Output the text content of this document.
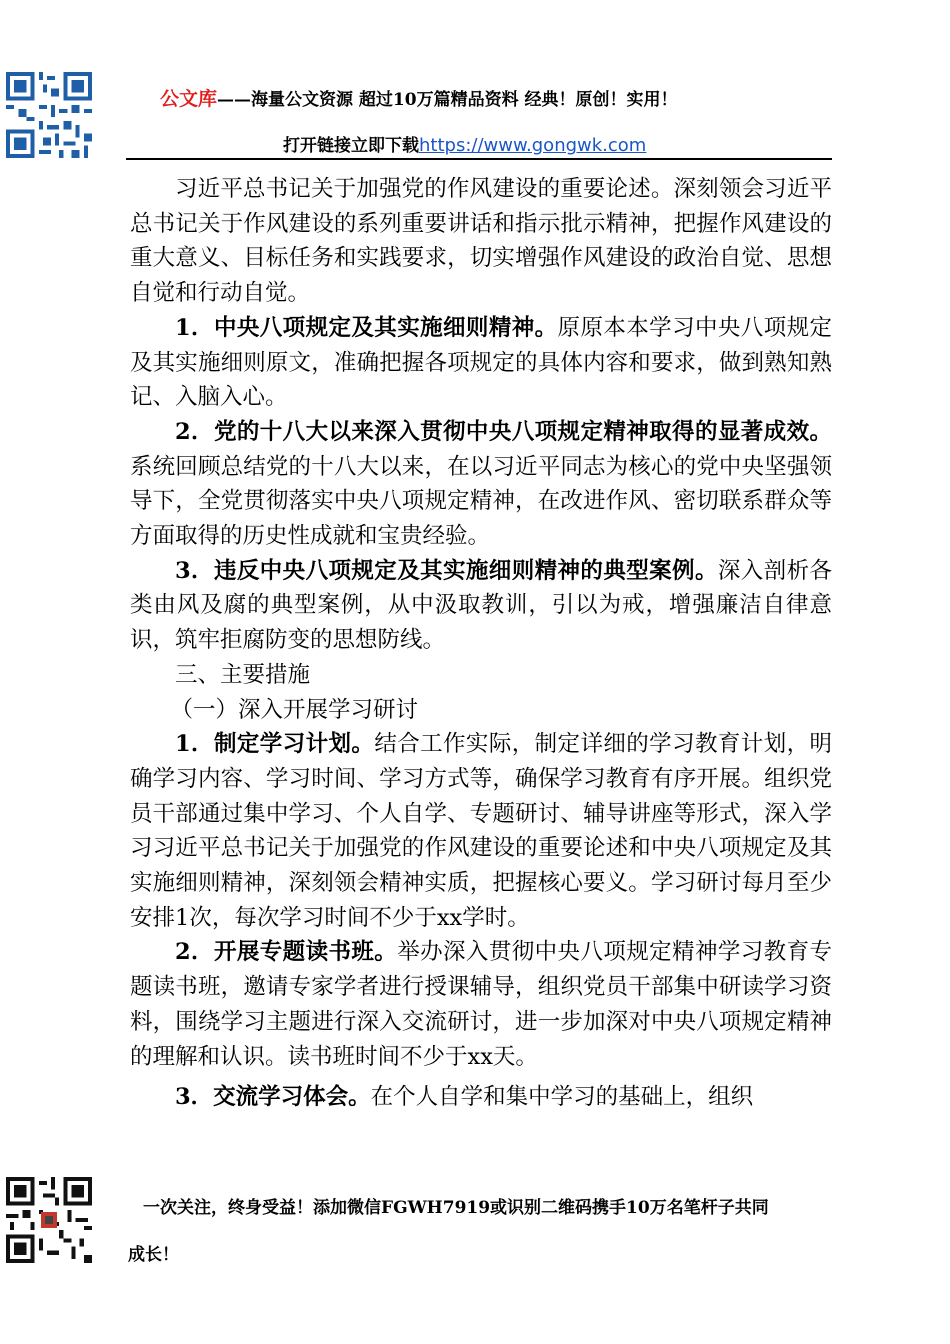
公文库——海量公文资源 超过10万篇精品资料 经典！原创！实用！
打开链接立即下载https://www.gongwk.com

习近平总书记关于加强党的作风建设的重要论述。深刻领会习近平总书记关于作风建设的系列重要讲话和指示批示精神，把握作风建设的重大意义、目标任务和实践要求，切实增强作风建设的政治自觉、思想自觉和行动自觉。

1．中央八项规定及其实施细则精神。原原本本学习中央八项规定及其实施细则原文，准确把握各项规定的具体内容和要求，做到熟知熟记、入脑入心。

2．党的十八大以来深入贯彻中央八项规定精神取得的显著成效。系统回顾总结党的十八大以来，在以习近平同志为核心的党中央坚强领导下，全党贯彻落实中央八项规定精神，在改进作风、密切联系群众等方面取得的历史性成就和宝贵经验。

3．违反中央八项规定及其实施细则精神的典型案例。深入剖析各类由风及腐的典型案例，从中汲取教训，引以为戒，增强廉洁自律意识，筑牢拒腐防变的思想防线。

三、主要措施

（一）深入开展学习研讨

1．制定学习计划。结合工作实际，制定详细的学习教育计划，明确学习内容、学习时间、学习方式等，确保学习教育有序开展。组织党员干部通过集中学习、个人自学、专题研讨、辅导讲座等形式，深入学习习近平总书记关于加强党的作风建设的重要论述和中央八项规定及其实施细则精神，深刻领会精神实质，把握核心要义。学习研讨每月至少安排1次，每次学习时间不少于xx学时。

2．开展专题读书班。举办深入贯彻中央八项规定精神学习教育专题读书班，邀请专家学者进行授课辅导，组织党员干部集中研读学习资料，围绕学习主题进行深入交流研讨，进一步加深对中央八项规定精神的理解和认识。读书班时间不少于xx天。

3．交流学习体会。在个人自学和集中学习的基础上，组织

一次关注，终身受益！添加微信FGWH7919或识别二维码携手10万名笔杆子共同
成长！
